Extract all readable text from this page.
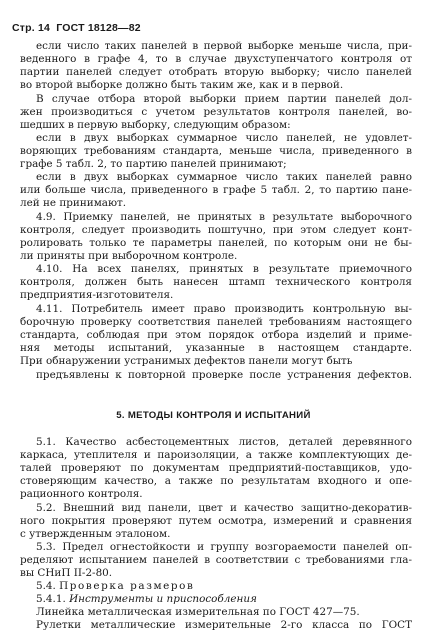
Стр. 14 ГОСТ 18128—82
если число таких панелей в первой выборке меньше числа, при-
веденного в графе 4, то в случае двухступенчатого контроля от
партии панелей следует отобрать вторую выборку; число панелей
во второй выборке должно быть таким же, как и в первой.
В случае отбора второй выборки прием партии панелей дол-
жен производиться с учетом результатов контроля панелей, во-
шедших в первую выборку, следующим образом:
если в двух выборках суммарное число панелей, не удовлет-
воряющих требованиям стандарта, меньше числа, приведенного в
графе 5 табл. 2, то партию панелей принимают;
если в двух выборках суммарное число таких панелей равно
или больше числа, приведенного в графе 5 табл. 2, то партию пане-
лей не принимают.
4.9. Приемку панелей, не принятых в результате выборочного
контроля, следует производить поштучно, при этом следует конт-
ролировать только те параметры панелей, по которым они не бы-
ли приняты при выборочном контроле.
4.10. На всех панелях, принятых в результате приемочного
контроля, должен быть нанесен штамп технического контроля
предприятия-изготовителя.
4.11. Потребитель имеет право производить контрольную вы-
борочную проверку соответствия панелей требованиям настоящего
стандарта, соблюдая при этом порядок отбора изделий и приме-
няя методы испытаний, указанные в настоящем стандарте.
При обнаружении устранимых дефектов панели могут быть
предъявлены к повторной проверке после устранения дефектов.
5. МЕТОДЫ КОНТРОЛЯ И ИСПЫТАНИЙ
5.1. Качество асбестоцементных листов, деталей деревянного
каркаса, утеплителя и пароизоляции, а также комплектующих де-
талей проверяют по документам предприятий-поставщиков, удо-
стоверяющим качество, а также по результатам входного и опе-
рационного контроля.
5.2. Внешний вид панели, цвет и качество защитно-декоратив-
ного покрытия проверяют путем осмотра, измерений и сравнения
с утвержденным эталоном.
5.3. Предел огнестойкости и группу возгораемости панелей оп-
ределяют испытанием панелей в соответствии с требованиями гла-
вы СНиП II-2-80.
5.4. Проверка размеров
5.4.1. Инструменты и приспособления
Линейка металлическая измерительная по ГОСТ 427—75.
Рулетки металлические измерительные 2-го класса по ГОСТ
